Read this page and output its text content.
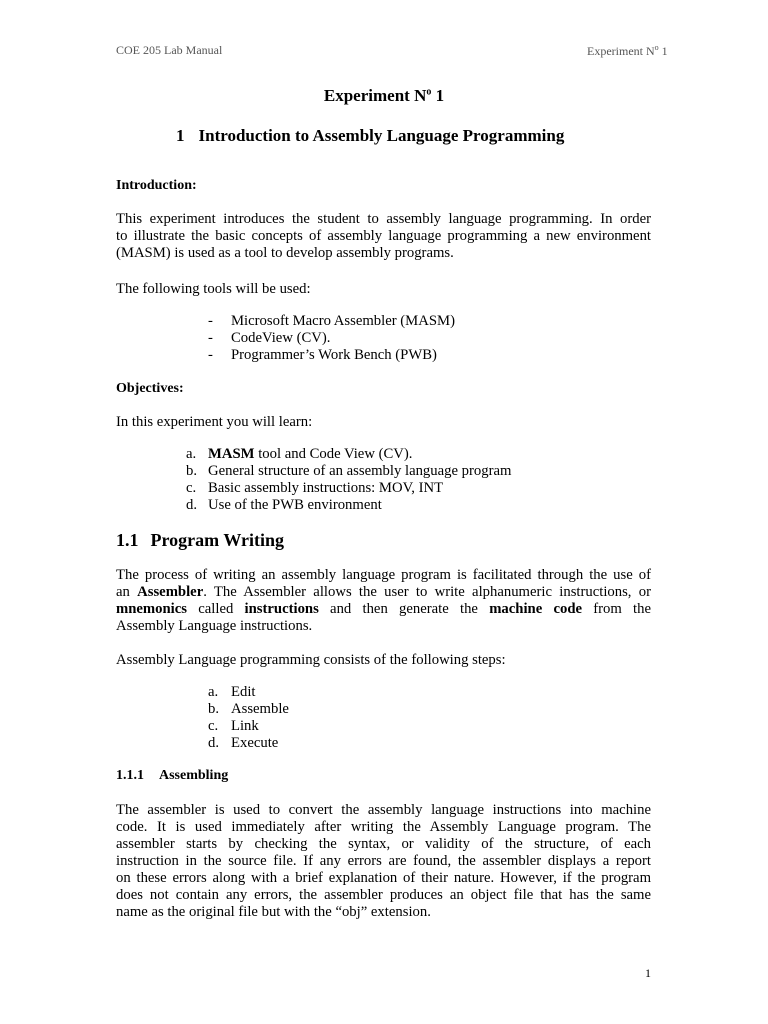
COE 205 Lab Manual	Experiment $N^o$ 1
Experiment $N^o$ 1
1 Introduction to Assembly Language Programming
Introduction:
This experiment introduces the student to assembly language programming. In order
to illustrate the basic concepts of assembly language programming a new environment
(MASM) is used as a tool to develop assembly programs.
The following tools will be used:
- Microsoft Macro Assembler (MASM)
- CodeView (CV).
- Programmer’s Work Bench (PWB)
Objectives:
In this experiment you will learn:
a. MASM tool and Code View (CV).
b. General structure of an assembly language program
c. Basic assembly instructions: MOV, INT
d. Use of the PWB environment
1.1 Program Writing
The process of writing an assembly language program is facilitated through the use of
an Assembler. The Assembler allows the user to write alphanumeric instructions, or
mnemonics called instructions and then generate the machine code from the
Assembly Language instructions.
Assembly Language programming consists of the following steps:
a. Edit
b. Assemble
c. Link
d. Execute
1.1.1 Assembling
The assembler is used to convert the assembly language instructions into machine
code. It is used immediately after writing the Assembly Language program. The
assembler starts by checking the syntax, or validity of the structure, of each
instruction in the source file. If any errors are found, the assembler displays a report
on these errors along with a brief explanation of their nature. However, if the program
does not contain any errors, the assembler produces an object file that has the same
name as the original file but with the “obj” extension.
1
